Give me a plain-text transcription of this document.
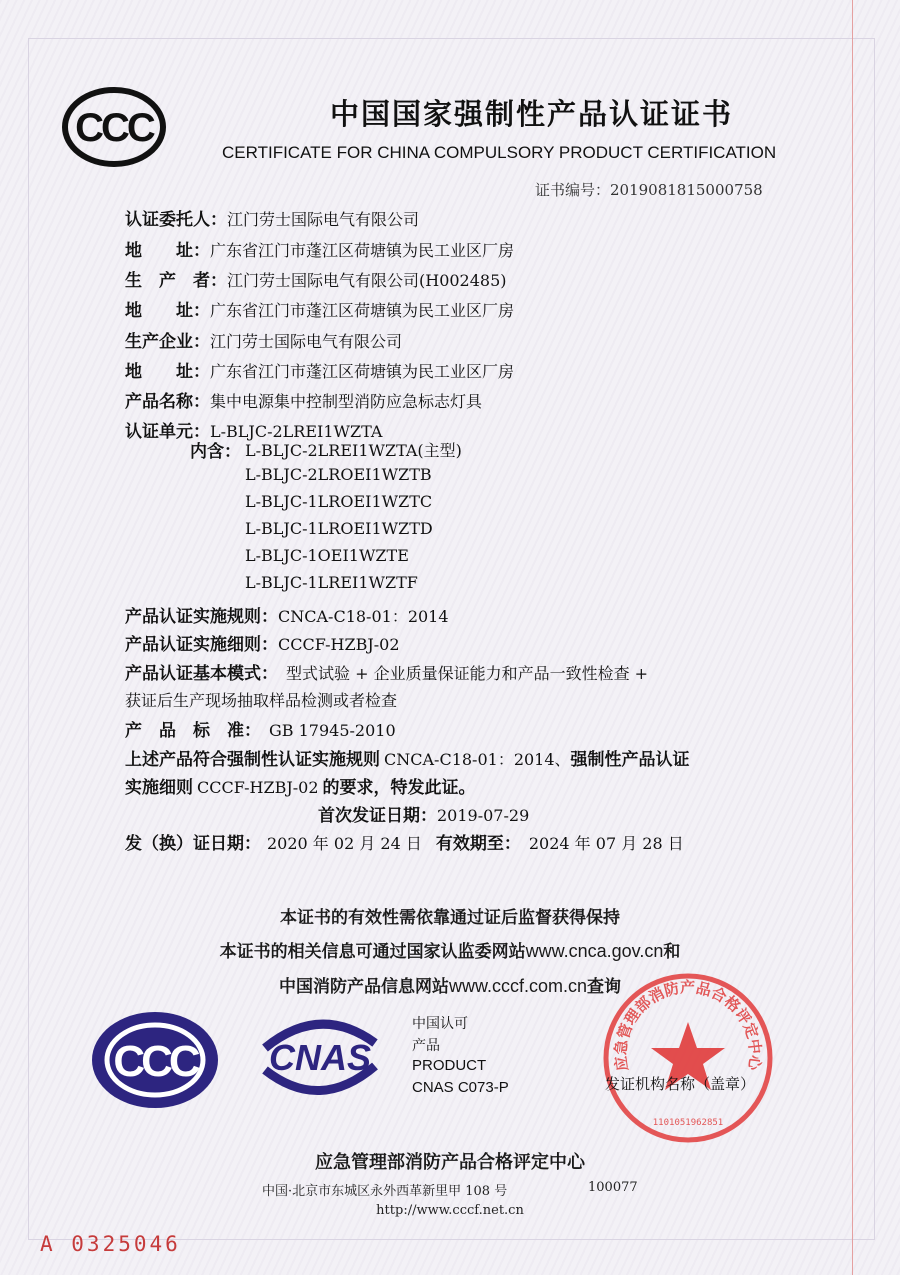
CCC	中国国家强制性产品认证证书
CERTIFICATE FOR CHINA COMPULSORY PRODUCT CERTIFICATION
证书编号：2019081815000758
认证委托人：江门劳士国际电气有限公司
地　　址：广东省江门市蓬江区荷塘镇为民工业区厂房
生　产　者：江门劳士国际电气有限公司(H002485)
地　　址：广东省江门市蓬江区荷塘镇为民工业区厂房
生产企业：江门劳士国际电气有限公司
地　　址：广东省江门市蓬江区荷塘镇为民工业区厂房
产品名称：集中电源集中控制型消防应急标志灯具
认证单元：L-BLJC-2LREⅠ1WZTA
内含： L-BLJC-2LREⅠ1WZTA(主型)
L-BLJC-2LROEⅠ1WZTB
L-BLJC-1LROEⅠ1WZTC
L-BLJC-1LROEⅠ1WZTD
L-BLJC-1OEⅠ1WZTE
L-BLJC-1LREⅠ1WZTF
产品认证实施规则：CNCA-C18-01：2014
产品认证实施细则：CCCF-HZBJ-02
产品认证基本模式： 型式试验 + 企业质量保证能力和产品一致性检查 +
获证后生产现场抽取样品检测或者检查
产　品　标　准： GB 17945-2010
上述产品符合强制性认证实施规则 CNCA-C18-01：2014、强制性产品认证
实施细则 CCCF-HZBJ-02 的要求，特发此证。
首次发证日期：2019-07-29
发（换）证日期： 2020 年 02 月 24 日 有效期至： 2024 年 07 月 28 日
本证书的有效性需依靠通过证后监督获得保持
本证书的相关信息可通过国家认监委网站www.cnca.gov.cn和
中国消防产品信息网站www.cccf.com.cn查询
CCC CNAS
中国认可
产品
PRODUCT
CNAS C073-P
应急管理部消防产品合格评定中心
1101051962851
发证机构名称（盖章）
应急管理部消防产品合格评定中心
中国·北京市东城区永外西革新里甲 108 号	100077
http://www.cccf.net.cn
A 0325046
